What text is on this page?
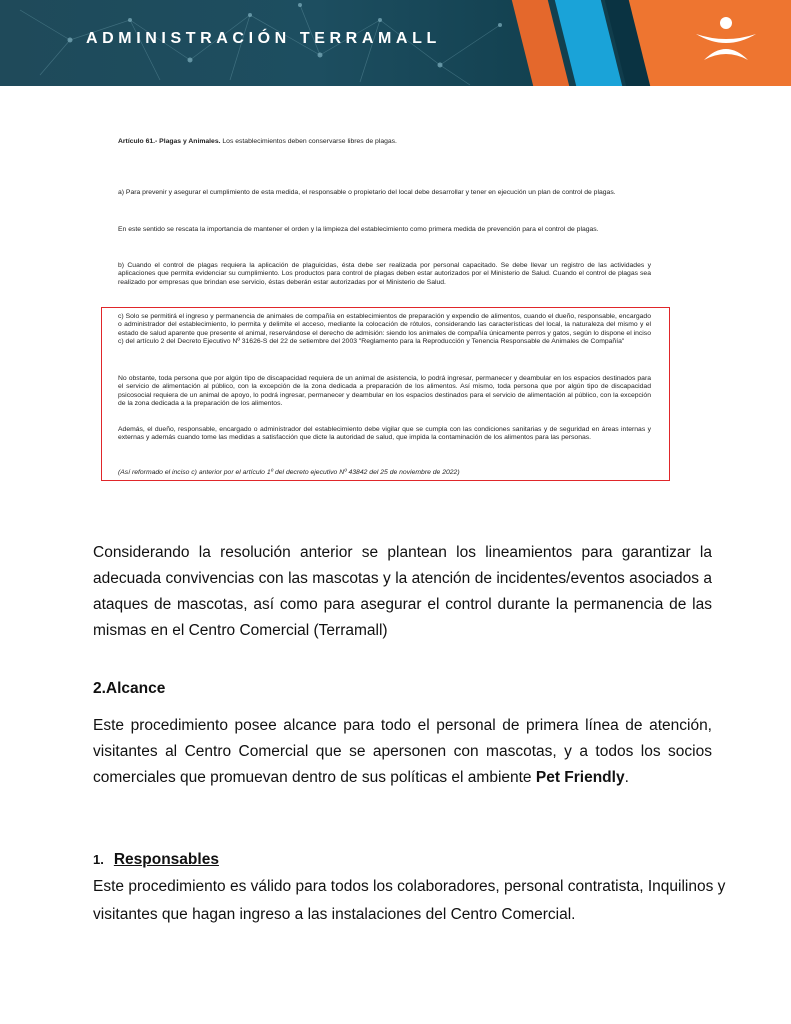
ADMINISTRACIÓN TERRAMALL

Artículo 61.- Plagas y Animales. Los establecimientos deben conservarse libres de plagas.

a) Para prevenir y asegurar el cumplimiento de esta medida, el responsable o propietario del local debe desarrollar y tener en ejecución un plan de control de plagas.

En este sentido se rescata la importancia de mantener el orden y la limpieza del establecimiento como primera medida de prevención para el control de plagas.

b) Cuando el control de plagas requiera la aplicación de plaguicidas, ésta debe ser realizada por personal capacitado. Se debe llevar un registro de las actividades y aplicaciones que permita evidenciar su cumplimiento. Los productos para control de plagas deben estar autorizados por el Ministerio de Salud. Cuando el control de plagas sea realizado por empresas que brindan ese servicio, éstas deberán estar autorizadas por el Ministerio de Salud.

c) Solo se permitirá el ingreso y permanencia de animales de compañía en establecimientos de preparación y expendio de alimentos, cuando el dueño, responsable, encargado o administrador del establecimiento, lo permita y delimite el acceso, mediante la colocación de rótulos, considerando las características del local, la naturaleza del mismo y el estado de salud aparente que presente el animal, reservándose el derecho de admisión: siendo los animales de compañía únicamente perros y gatos, según lo dispone el inciso c) del artículo 2 del Decreto Ejecutivo Nº 31626-S del 22 de setiembre del 2003 "Reglamento para la Reproducción y Tenencia Responsable de Animales de Compañía"

No obstante, toda persona que por algún tipo de discapacidad requiera de un animal de asistencia, lo podrá ingresar, permanecer y deambular en los espacios destinados para el servicio de alimentación al público, con la excepción de la zona dedicada a preparación de los alimentos. Así mismo, toda persona que por algún tipo de discapacidad psicosocial requiera de un animal de apoyo, lo podrá ingresar, permanecer y deambular en los espacios destinados para el servicio de alimentación al público, con la excepción de la zona dedicada a la preparación de los alimentos.

Además, el dueño, responsable, encargado o administrador del establecimiento debe vigilar que se cumpla con las condiciones sanitarias y de seguridad en áreas internas y externas y además cuando tome las medidas a satisfacción que dicte la autoridad de salud, que impida la contaminación de los alimentos para las personas.

(Así reformado el inciso c) anterior por el artículo 1º del decreto ejecutivo Nº 43842 del 25 de noviembre de 2022)

Considerando la resolución anterior se plantean los lineamientos para garantizar la adecuada convivencias con las mascotas y la atención de incidentes/eventos asociados a ataques de mascotas, así como para asegurar el control durante la permanencia de las mismas en el Centro Comercial (Terramall)

2.Alcance

Este procedimiento posee alcance para todo el personal de primera línea de atención, visitantes al Centro Comercial que se apersonen con mascotas, y a todos los socios comerciales que promuevan dentro de sus políticas el ambiente Pet Friendly.

1. Responsables

Este procedimiento es válido para todos los colaboradores, personal contratista, Inquilinos y visitantes que hagan ingreso a las instalaciones del Centro Comercial.
